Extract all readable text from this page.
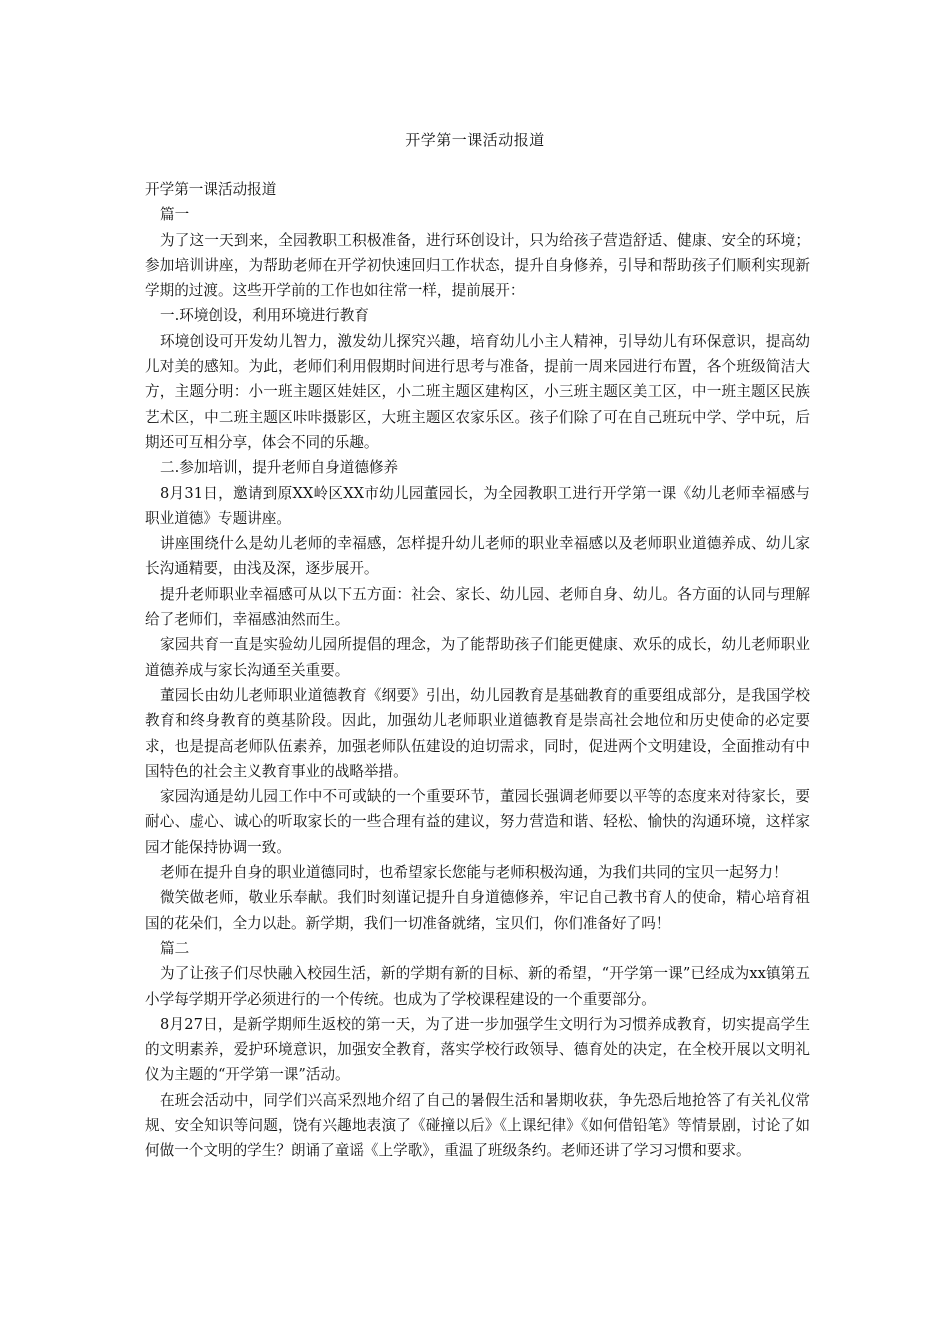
开学第一课活动报道

开学第一课活动报道

篇一

为了这一天到来，全园教职工积极准备，进行环创设计，只为给孩子营造舒适、健康、安全的环境；参加培训讲座，为帮助老师在开学初快速回归工作状态，提升自身修养，引导和帮助孩子们顺利实现新学期的过渡。这些开学前的工作也如往常一样，提前展开：

一.环境创设，利用环境进行教育

环境创设可开发幼儿智力，激发幼儿探究兴趣，培育幼儿小主人精神，引导幼儿有环保意识，提高幼儿对美的感知。为此，老师们利用假期时间进行思考与准备，提前一周来园进行布置，各个班级简洁大方，主题分明：小一班主题区娃娃区，小二班主题区建构区，小三班主题区美工区，中一班主题区民族艺术区，中二班主题区咔咔摄影区，大班主题区农家乐区。孩子们除了可在自己班玩中学、学中玩，后期还可互相分享，体会不同的乐趣。

二.参加培训，提升老师自身道德修养

8月31日，邀请到原XX岭区XX市幼儿园董园长，为全园教职工进行开学第一课《幼儿老师幸福感与职业道德》专题讲座。

讲座围绕什么是幼儿老师的幸福感，怎样提升幼儿老师的职业幸福感以及老师职业道德养成、幼儿家长沟通精要，由浅及深，逐步展开。

提升老师职业幸福感可从以下五方面：社会、家长、幼儿园、老师自身、幼儿。各方面的认同与理解给了老师们，幸福感油然而生。

家园共育一直是实验幼儿园所提倡的理念，为了能帮助孩子们能更健康、欢乐的成长，幼儿老师职业道德养成与家长沟通至关重要。

董园长由幼儿老师职业道德教育《纲要》引出，幼儿园教育是基础教育的重要组成部分，是我国学校教育和终身教育的奠基阶段。因此，加强幼儿老师职业道德教育是崇高社会地位和历史使命的必定要求，也是提高老师队伍素养，加强老师队伍建设的迫切需求，同时，促进两个文明建设，全面推动有中国特色的社会主义教育事业的战略举措。

家园沟通是幼儿园工作中不可或缺的一个重要环节，董园长强调老师要以平等的态度来对待家长，要耐心、虚心、诚心的听取家长的一些合理有益的建议，努力营造和谐、轻松、愉快的沟通环境，这样家园才能保持协调一致。

老师在提升自身的职业道德同时，也希望家长您能与老师积极沟通，为我们共同的宝贝一起努力！

微笑做老师，敬业乐奉献。我们时刻谨记提升自身道德修养，牢记自己教书育人的使命，精心培育祖国的花朵们，全力以赴。新学期，我们一切准备就绪，宝贝们，你们准备好了吗！

篇二

为了让孩子们尽快融入校园生活，新的学期有新的目标、新的希望，“开学第一课”已经成为xx镇第五小学每学期开学必须进行的一个传统。也成为了学校课程建设的一个重要部分。

8月27日，是新学期师生返校的第一天，为了进一步加强学生文明行为习惯养成教育，切实提高学生的文明素养，爱护环境意识，加强安全教育，落实学校行政领导、德育处的决定，在全校开展以文明礼仪为主题的“开学第一课”活动。

在班会活动中，同学们兴高采烈地介绍了自己的暑假生活和暑期收获，争先恐后地抢答了有关礼仪常规、安全知识等问题，饶有兴趣地表演了《碰撞以后》《上课纪律》《如何借铅笔》等情景剧，讨论了如何做一个文明的学生？朗诵了童谣《上学歌》，重温了班级条约。老师还讲了学习习惯和要求。
